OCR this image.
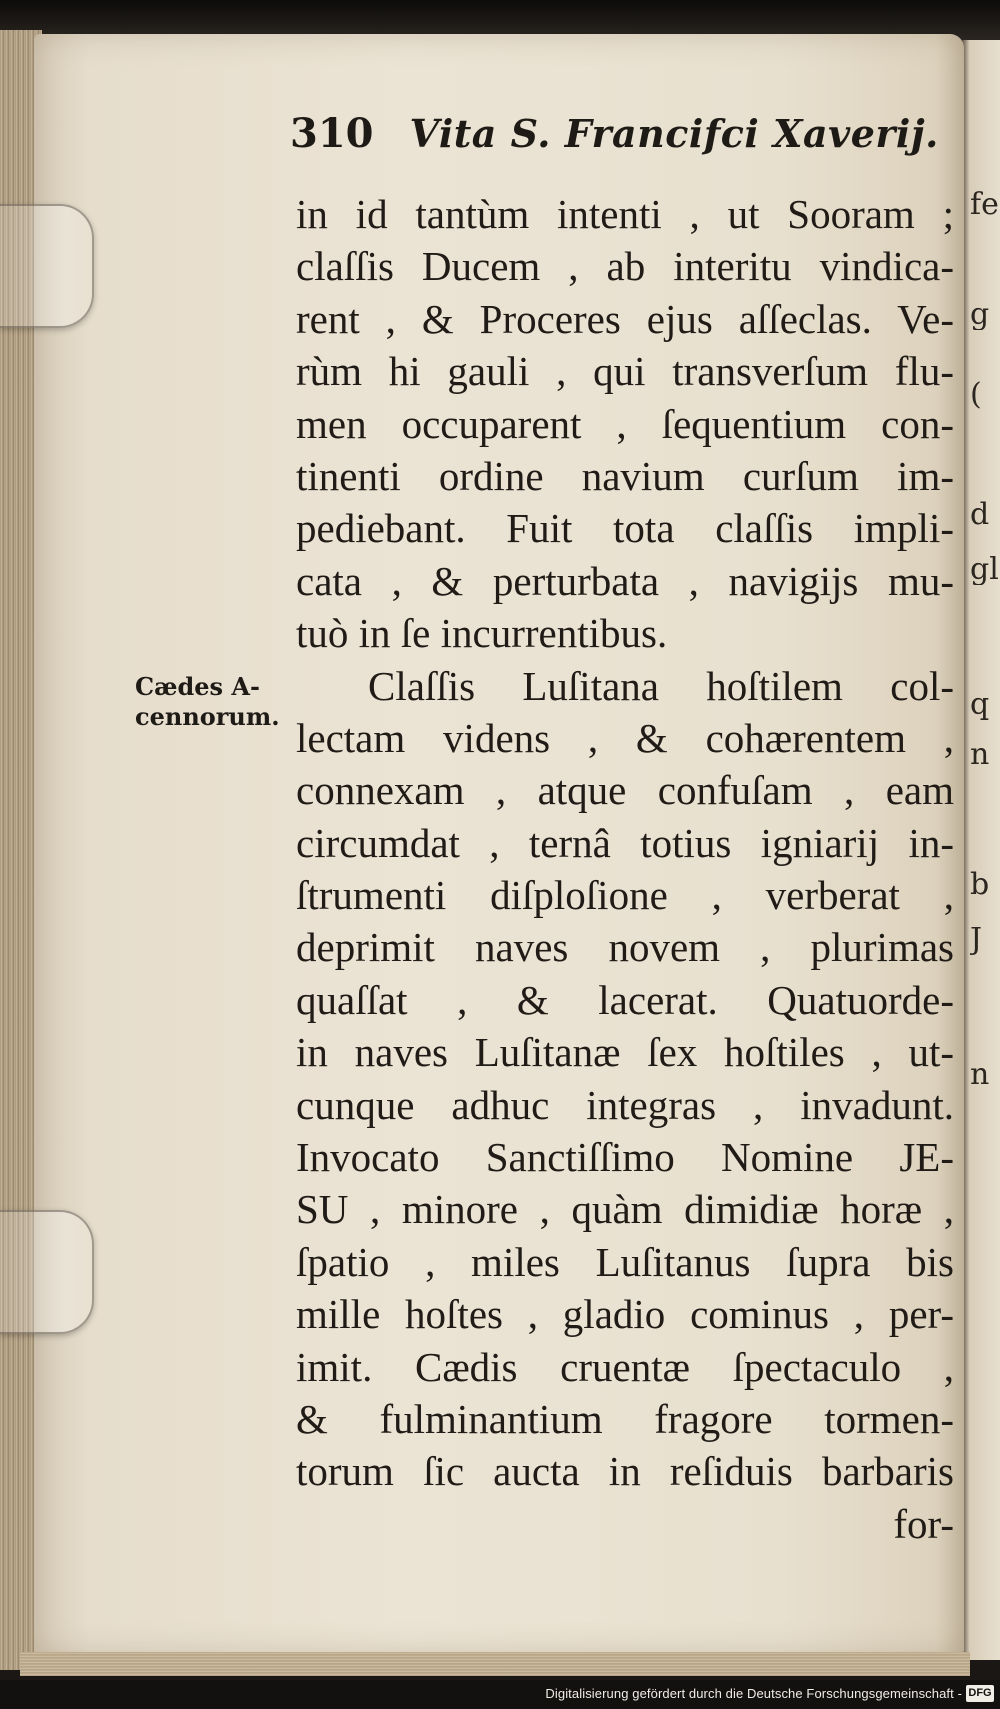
310 Vita S. Francifci Xaverij.
Cædes A-
cennorum.
in id tantùm intenti , ut Sooram ;
claſſis Ducem , ab interitu vindica-
rent , & Proceres ejus aſſeclas. Ve-
rùm hi gauli , qui transverſum flu-
men occuparent , ſequentium con-
tinenti ordine navium curſum im-
pediebant. Fuit tota claſſis impli-
cata , & perturbata , navigijs mu-
tuò in ſe incurrentibus.
Claſſis Luſitana hoſtilem col-
lectam videns , & cohærentem ,
connexam , atque confuſam , eam
circumdat , ternâ totius igniarij in-
ſtrumenti diſploſione , verberat ,
deprimit naves novem , plurimas
quaſſat , & lacerat. Quatuorde-
in naves Luſitanæ ſex hoſtiles , ut-
cunque adhuc integras , invadunt.
Invocato Sanctiſſimo Nomine JE-
SU , minore , quàm dimidiæ horæ ,
ſpatio , miles Luſitanus ſupra bis
mille hoſtes , gladio cominus , per-
imit. Cædis cruentæ ſpectaculo ,
& fulminantium fragore tormen-
torum ſic aucta in reſiduis barbaris
for-
fe
g
(
d
gl
q
n
b
J
n
Digitalisierung gefördert durch die Deutsche Forschungsgemeinschaft - DFG
